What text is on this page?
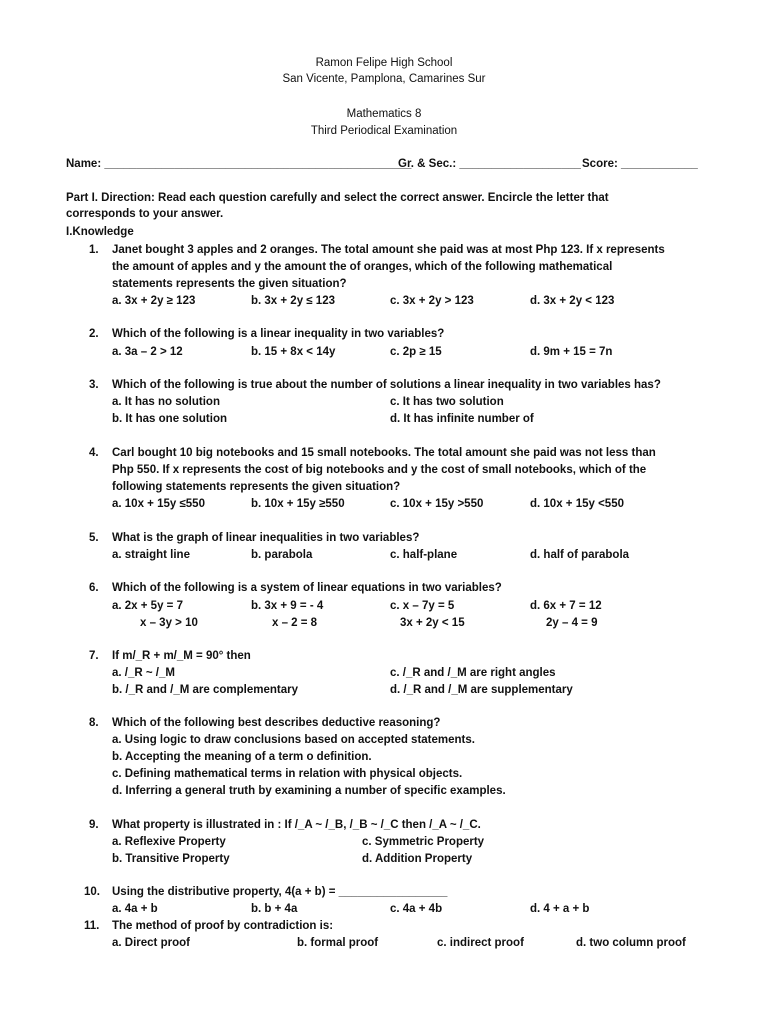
Ramon Felipe High School
San Vicente, Pamplona, Camarines Sur
Mathematics 8
Third Periodical Examination
Name: ________________________________________________
Gr. & Sec.: ___________________ Score: ____________
Part I. Direction: Read each question carefully and select the correct answer. Encircle the letter that
corresponds to your answer.
I.Knowledge
1. Janet bought 3 apples and 2 oranges. The total amount she paid was at most Php 123. If x represents
the amount of apples and y the amount the of oranges, which of the following mathematical
statements represents the given situation?
a. 3x + 2y ≥ 123	b. 3x + 2y ≤ 123	c. 3x + 2y > 123	d. 3x + 2y < 123
2. Which of the following is a linear inequality in two variables?
a. 3a – 2 > 12	b. 15 + 8x < 14y	c. 2p ≥ 15	d. 9m + 15 = 7n
3. Which of the following is true about the number of solutions a linear inequality in two variables has?
a. It has no solution
b. It has one solution
c. It has two solution
d. It has infinite number of
4. Carl bought 10 big notebooks and 15 small notebooks. The total amount she paid was not less than
Php 550. If x represents the cost of big notebooks and y the cost of small notebooks, which of the
following statements represents the given situation?
a. 10x + 15y ≤550	b. 10x + 15y ≥550	c. 10x + 15y >550	d. 10x + 15y <550
5. What is the graph of linear inequalities in two variables?
a. straight line	b. parabola	c. half-plane	d. half of parabola
6. Which of the following is a system of linear equations in two variables?
a. 2x + 5y = 7
x – 3y > 10
b. 3x + 9 = - 4
x – 2 = 8
c. x – 7y = 5
3x + 2y < 15
d. 6x + 7 = 12
2y – 4 = 9
7. If m/_R + m/_M = 90° then
a. /_R ~ /_M
b. /_R and /_M are complementary
c. /_R and /_M are right angles
d. /_R and /_M are supplementary
8. Which of the following best describes deductive reasoning?
a. Using logic to draw conclusions based on accepted statements.
b. Accepting the meaning of a term o definition.
c. Defining mathematical terms in relation with physical objects.
d. Inferring a general truth by examining a number of specific examples.
9. What property is illustrated in : If /_A ~ /_B, /_B ~ /_C then /_A ~ /_C.
a. Reflexive Property
b. Transitive Property
c. Symmetric Property
d. Addition Property
10. Using the distributive property, 4(a + b) = _________________
a. 4a + b	b. b + 4a	c. 4a + 4b	d. 4 + a + b
11. The method of proof by contradiction is:
a. Direct proof	b. formal proof	c. indirect proof	d. two column proof
